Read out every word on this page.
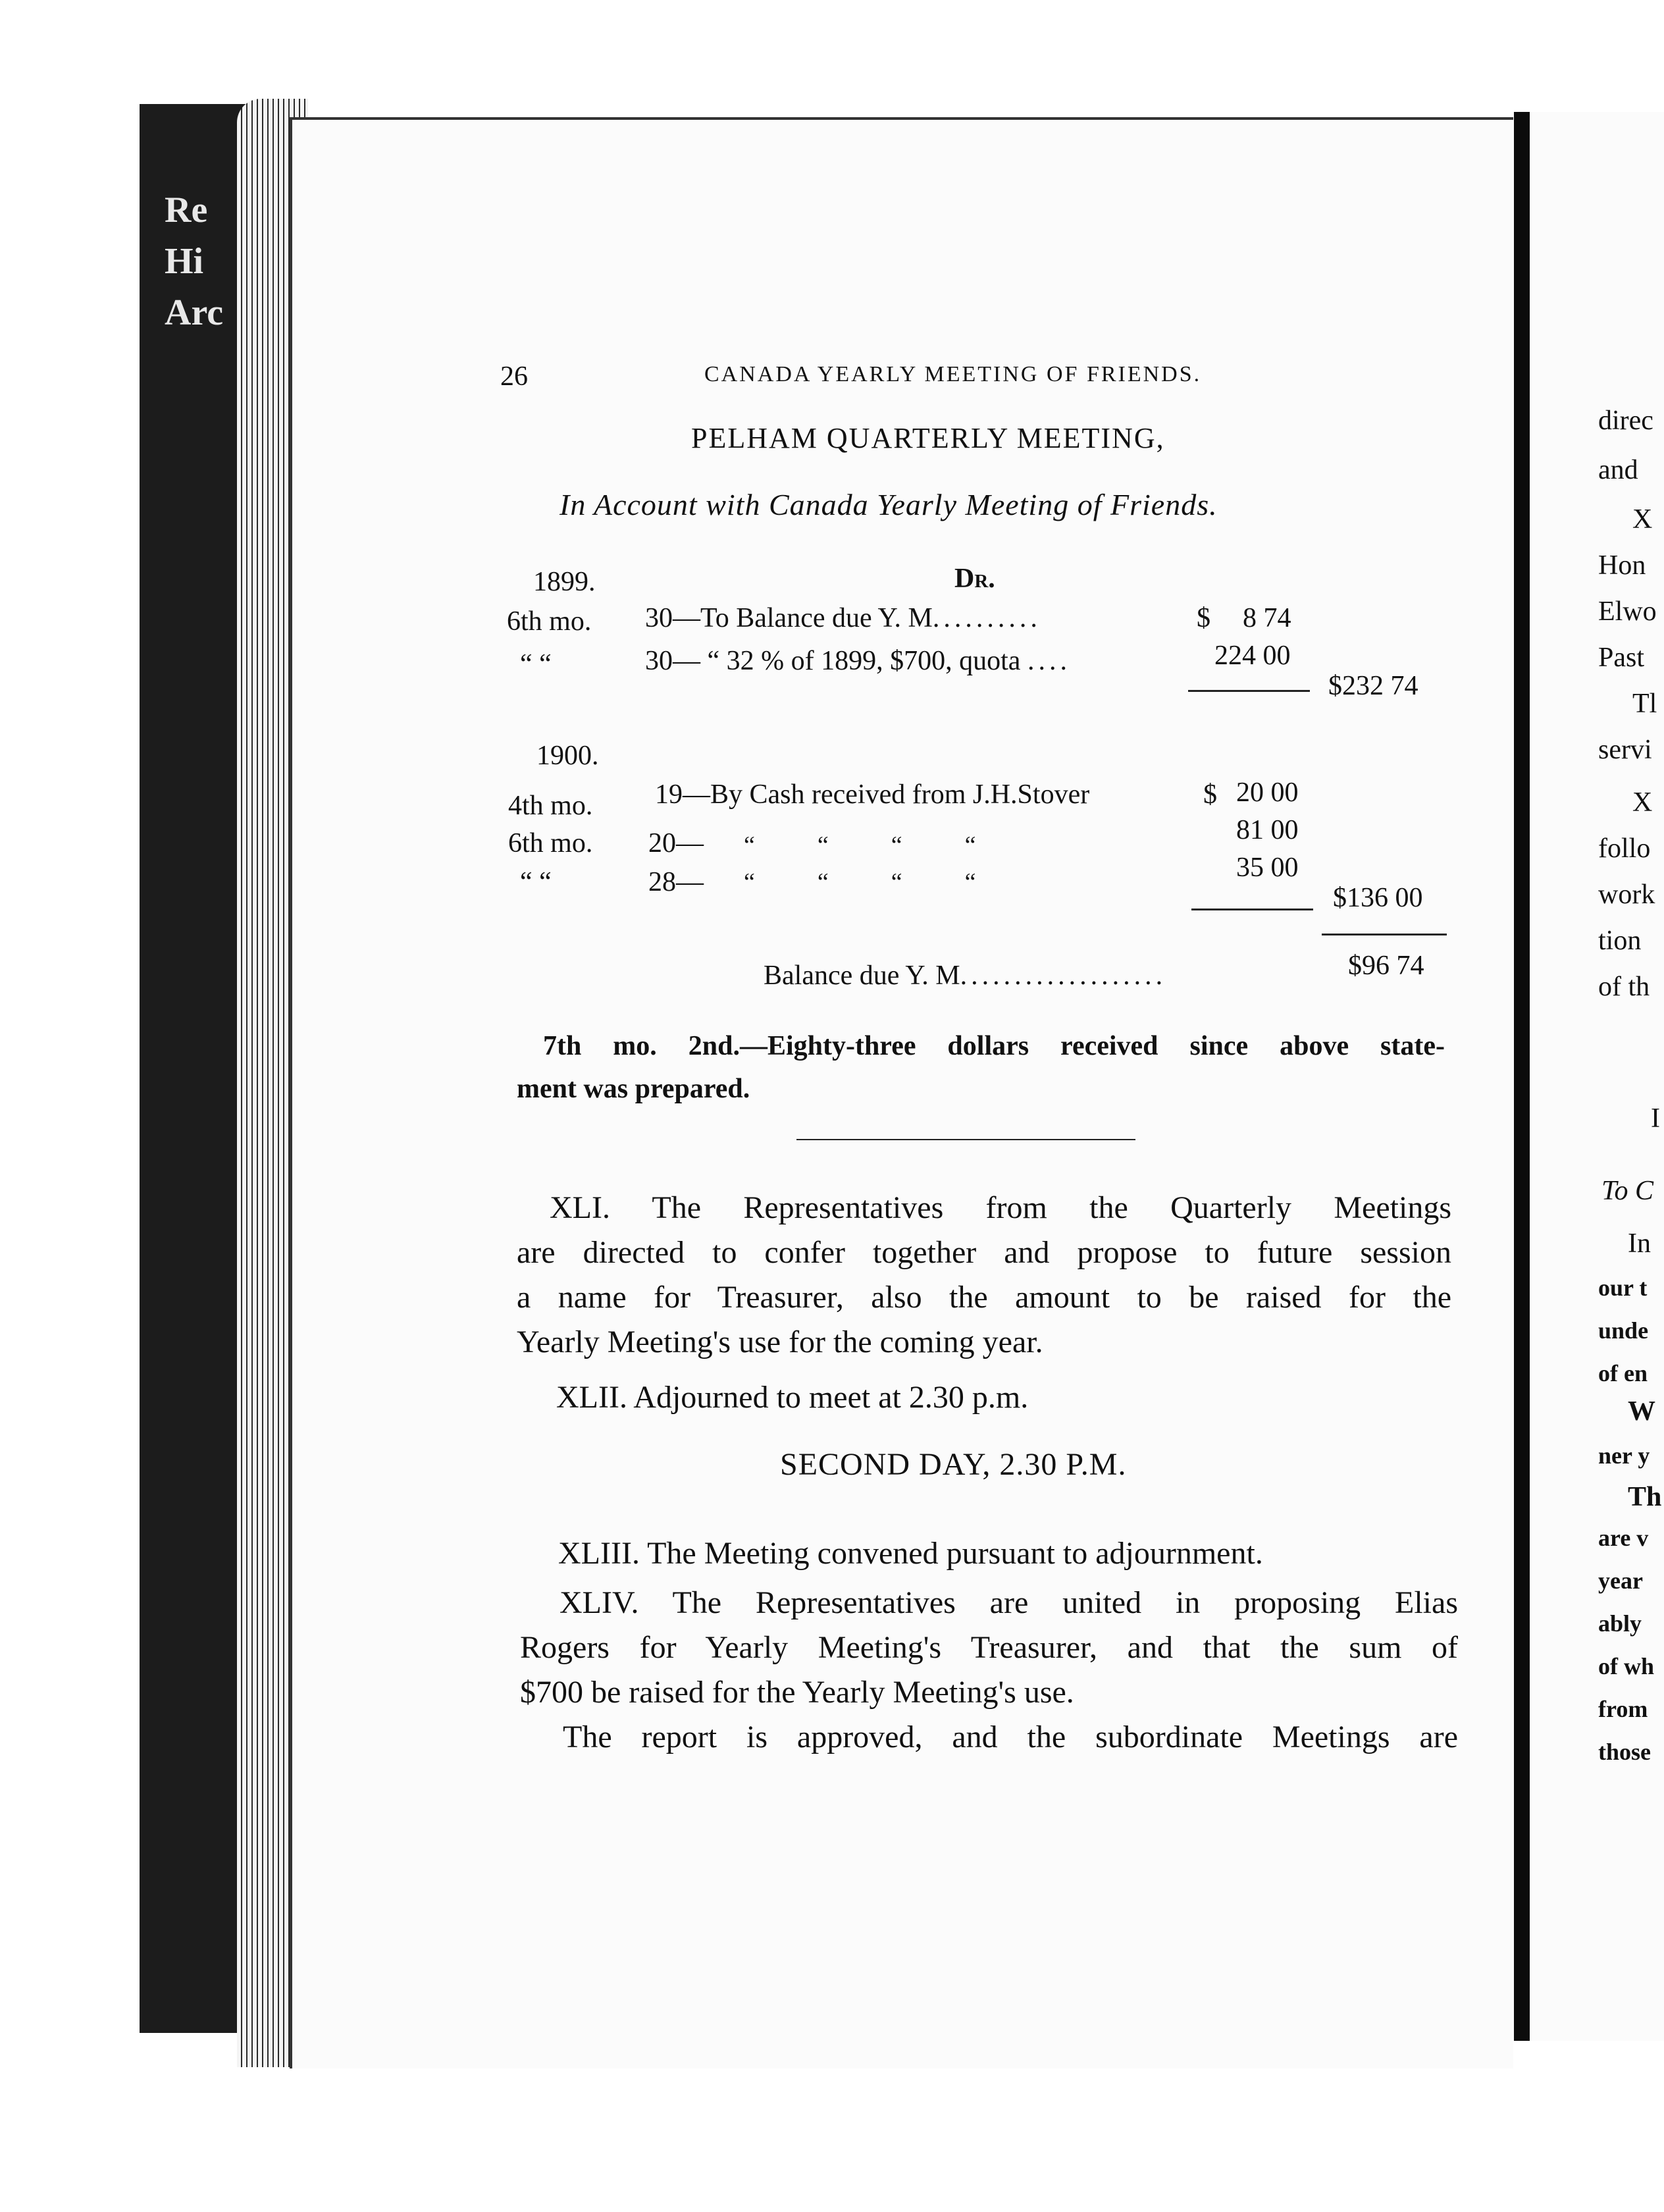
Re
Hi
Arc
26	CANADA YEARLY MEETING OF FRIENDS.
PELHAM QUARTERLY MEETING,
In Account with Canada Yearly Meeting of Friends.
1899.	Dr.
6th mo. 30—To Balance due Y. M..........	$ 8 74
“ “	30— “ 32 % of 1899, $700, quota ....	224 00
$232 74
1900.
4th mo. 19—By Cash received from J.H.Stover	$ 20 00
6th mo. 20— “          “          “          “	81 00
“ “	28— “          “          “          “	35 00
$136 00
Balance due Y. M...................	$96 74
7th mo. 2nd.—Eighty-three dollars received since above state-
ment was prepared.
XLI. The Representatives from the Quarterly Meetings
are directed to confer together and propose to future session
a name for Treasurer, also the amount to be raised for the
Yearly Meeting's use for the coming year.
XLII. Adjourned to meet at 2.30 p.m.
SECOND DAY, 2.30 P.M.
XLIII. The Meeting convened pursuant to adjournment.
XLIV. The Representatives are united in proposing Elias
Rogers for Yearly Meeting's Treasurer, and that the sum of
$700 be raised for the Yearly Meeting's use.
The report is approved, and the subordinate Meetings are
direc
and
X
Hon
Elwo
Past
Tl
servi
X
follo
work
tion
of th
I
To C
In
our t
unde
of en
W
ner y
Th
are v
year
ably
of wh
from
those
